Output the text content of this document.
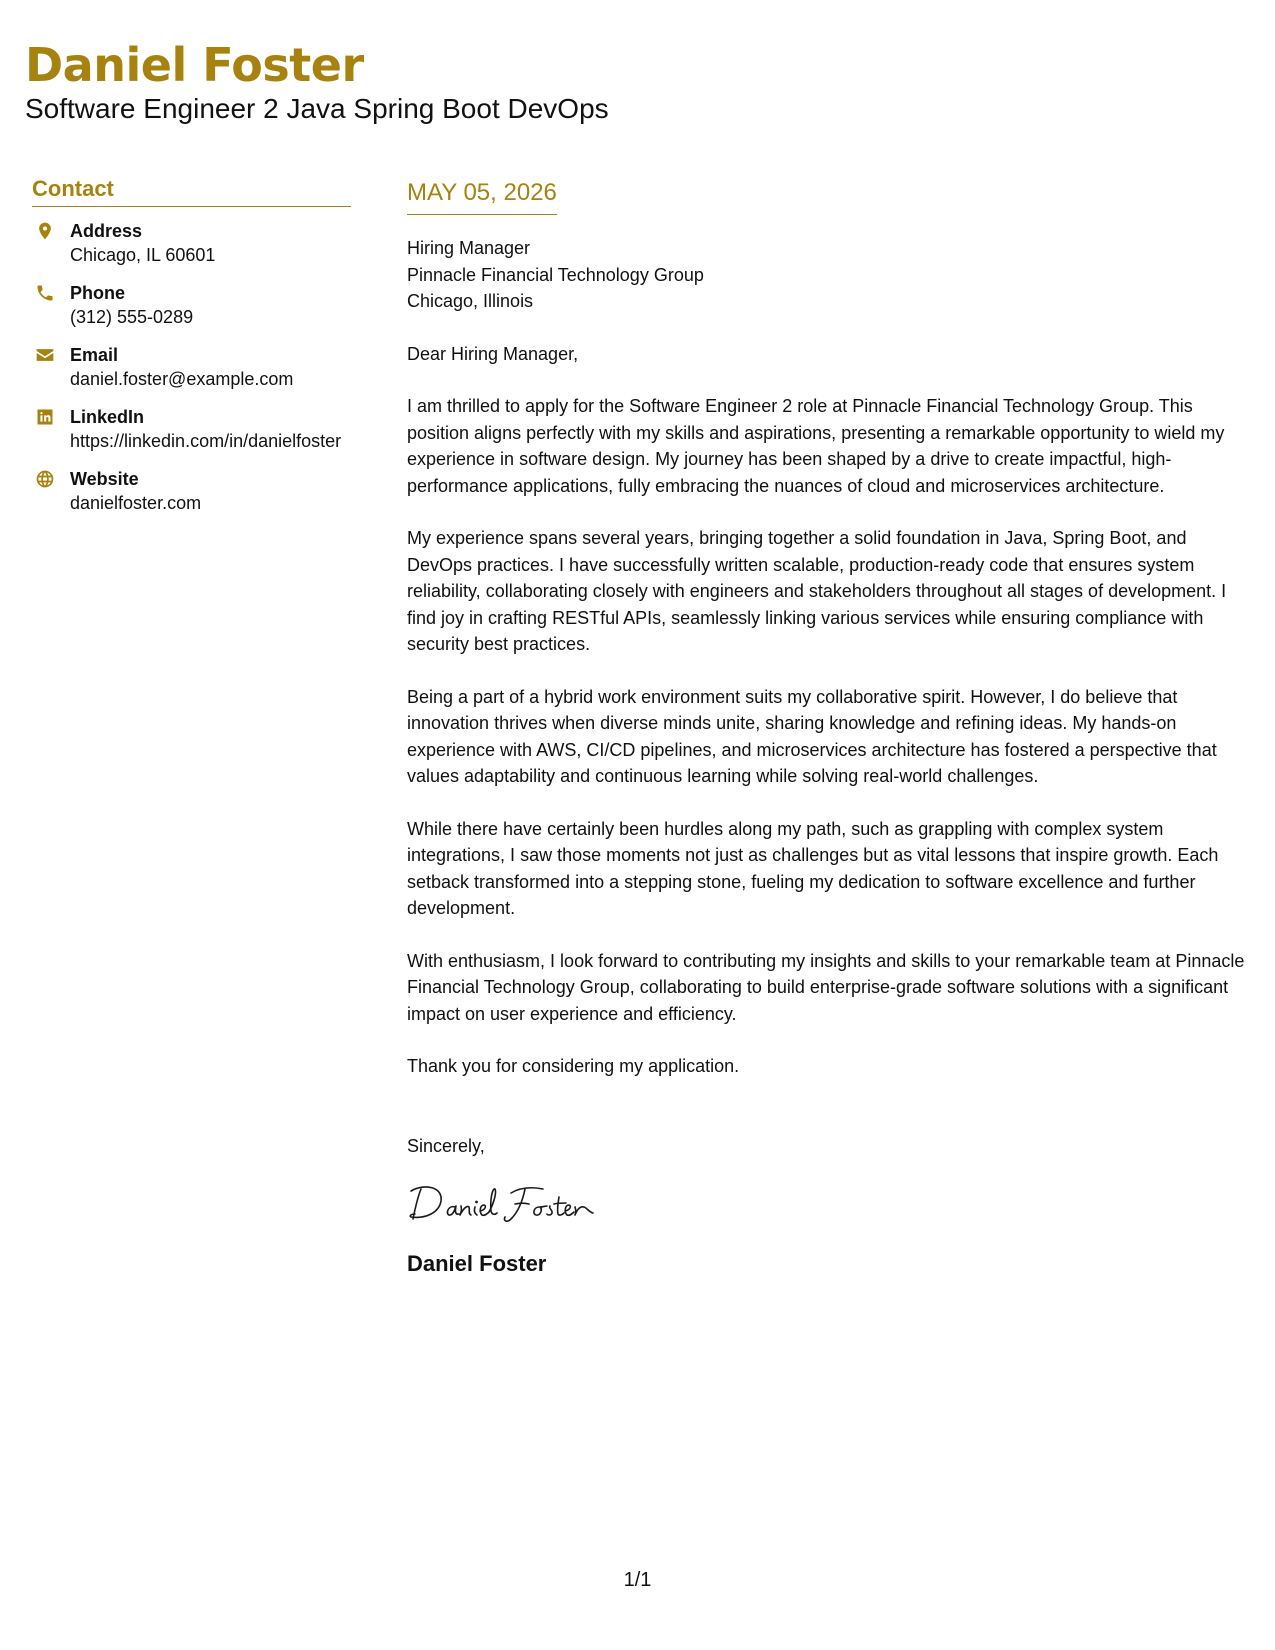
Daniel Foster
Software Engineer 2 Java Spring Boot DevOps
Contact
Address
Chicago, IL 60601
Phone
(312) 555-0289
Email
daniel.foster@example.com
LinkedIn
https://linkedin.com/in/danielfoster
Website
danielfoster.com
MAY 05, 2026
Hiring Manager
Pinnacle Financial Technology Group
Chicago, Illinois
Dear Hiring Manager,

I am thrilled to apply for the Software Engineer 2 role at Pinnacle Financial Technology Group. This position aligns perfectly with my skills and aspirations, presenting a remarkable opportunity to wield my experience in software design. My journey has been shaped by a drive to create impactful, high-performance applications, fully embracing the nuances of cloud and microservices architecture.

My experience spans several years, bringing together a solid foundation in Java, Spring Boot, and DevOps practices. I have successfully written scalable, production-ready code that ensures system reliability, collaborating closely with engineers and stakeholders throughout all stages of development. I find joy in crafting RESTful APIs, seamlessly linking various services while ensuring compliance with security best practices.

Being a part of a hybrid work environment suits my collaborative spirit. However, I do believe that innovation thrives when diverse minds unite, sharing knowledge and refining ideas. My hands-on experience with AWS, CI/CD pipelines, and microservices architecture has fostered a perspective that values adaptability and continuous learning while solving real-world challenges.

While there have certainly been hurdles along my path, such as grappling with complex system integrations, I saw those moments not just as challenges but as vital lessons that inspire growth. Each setback transformed into a stepping stone, fueling my dedication to software excellence and further development.

With enthusiasm, I look forward to contributing my insights and skills to your remarkable team at Pinnacle Financial Technology Group, collaborating to build enterprise-grade software solutions with a significant impact on user experience and efficiency.

Thank you for considering my application.

Sincerely,
Daniel Foster
1/1
